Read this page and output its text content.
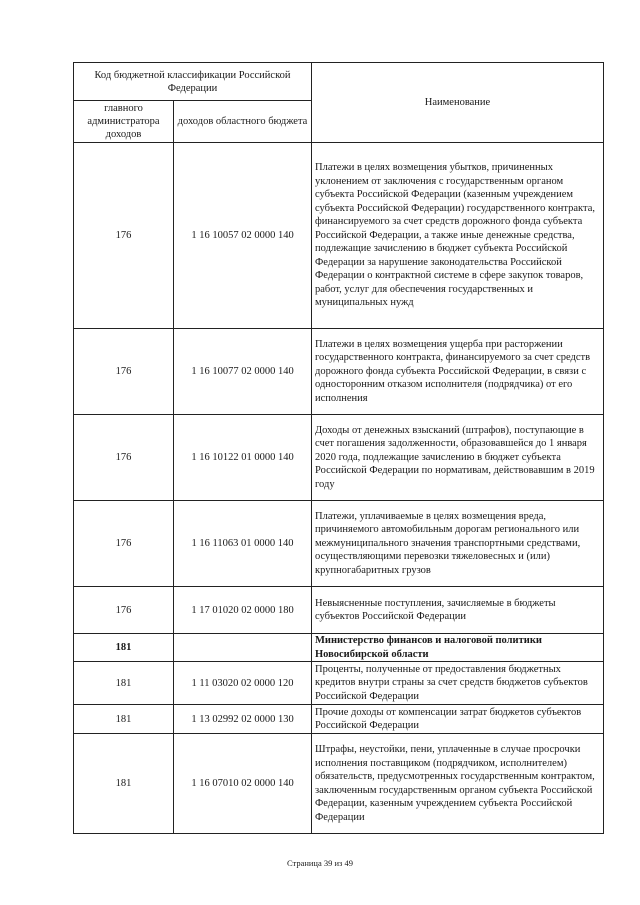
Код бюджетной классификации Российской Федерации		Наименование
главного администратора доходов	доходов областного бюджета	
176	1 16 10057 02 0000 140	Платежи в целях возмещения убытков, причиненных уклонением от заключения с государственным органом субъекта Российской Федерации (казенным учреждением субъекта Российской Федерации) государственного контракта, финансируемого за счет средств дорожного фонда субъекта Российской Федерации, а также иные денежные средства, подлежащие зачислению в бюджет субъекта Российской Федерации за нарушение законодательства Российской Федерации о контрактной системе в сфере закупок товаров, работ, услуг для обеспечения государственных и муниципальных нужд
176	1 16 10077 02 0000 140	Платежи в целях возмещения ущерба при расторжении государственного контракта, финансируемого за счет средств дорожного фонда субъекта Российской Федерации, в связи с односторонним отказом исполнителя (подрядчика) от его исполнения
176	1 16 10122 01 0000 140	Доходы от денежных взысканий (штрафов), поступающие в счет погашения задолженности, образовавшейся до 1 января 2020 года, подлежащие зачислению в бюджет субъекта Российской Федерации по нормативам, действовавшим в 2019 году
176	1 16 11063 01 0000 140	Платежи, уплачиваемые в целях возмещения вреда, причиняемого автомобильным дорогам регионального или межмуниципального значения транспортными средствами, осуществляющими перевозки тяжеловесных и (или) крупногабаритных грузов
176	1 17 01020 02 0000 180	Невыясненные поступления, зачисляемые в бюджеты субъектов Российской Федерации
181		Министерство финансов и налоговой политики Новосибирской области
181	1 11 03020 02 0000 120	Проценты, полученные от предоставления бюджетных кредитов внутри страны за счет средств бюджетов субъектов Российской Федерации
181	1 13 02992 02 0000 130	Прочие доходы от компенсации затрат бюджетов субъектов Российской Федерации
181	1 16 07010 02 0000 140	Штрафы, неустойки, пени, уплаченные в случае просрочки исполнения поставщиком (подрядчиком, исполнителем) обязательств, предусмотренных государственным контрактом, заключенным государственным органом субъекта Российской Федерации, казенным учреждением субъекта Российской Федерации
Страница 39 из 49
